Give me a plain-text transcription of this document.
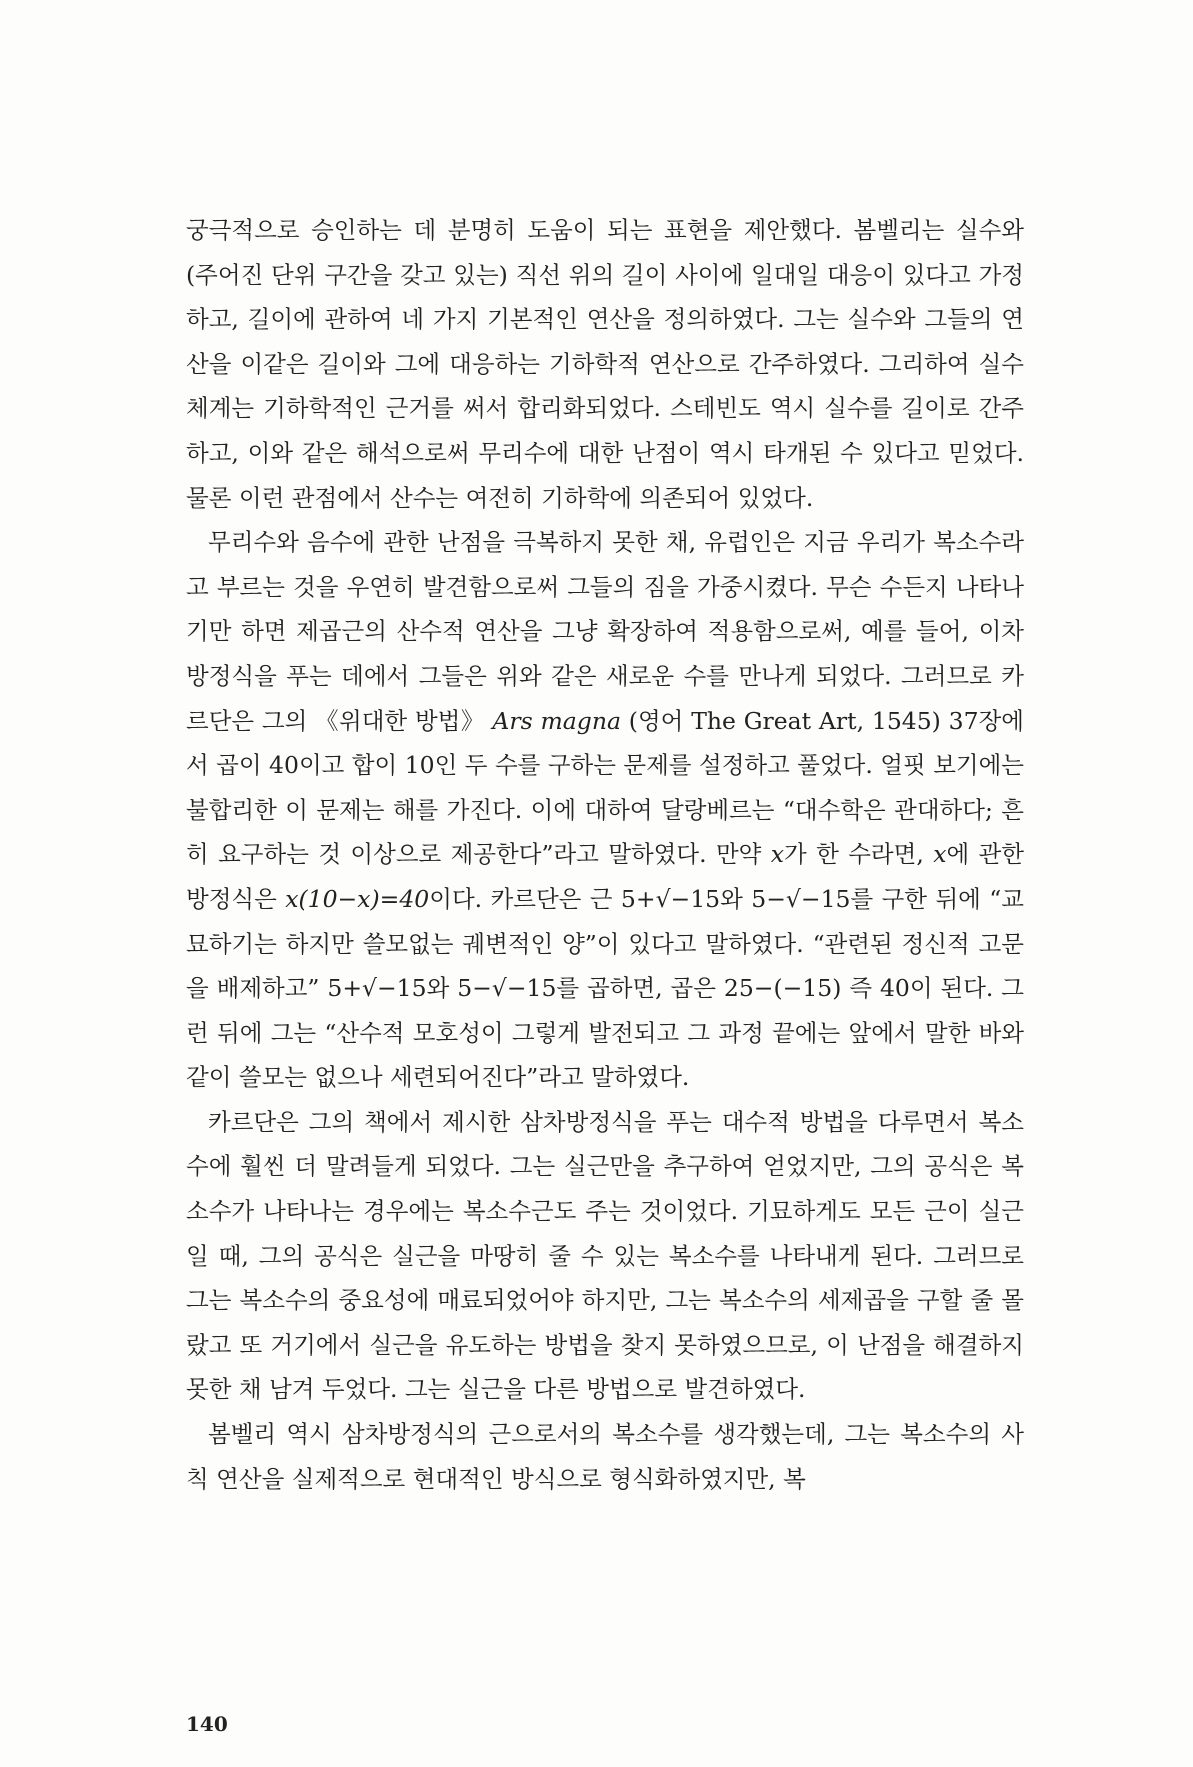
궁극적으로 승인하는 데 분명히 도움이 되는 표현을 제안했다. 봄벨리는 실수와 (주어진 단위 구간을 갖고 있는) 직선 위의 길이 사이에 일대일 대응이 있다고 가정하고, 길이에 관하여 네 가지 기본적인 연산을 정의하였다. 그는 실수와 그들의 연산을 이같은 길이와 그에 대응하는 기하학적 연산으로 간주하였다. 그리하여 실수 체계는 기하학적인 근거를 써서 합리화되었다. 스테빈도 역시 실수를 길이로 간주하고, 이와 같은 해석으로써 무리수에 대한 난점이 역시 타개된 수 있다고 믿었다. 물론 이런 관점에서 산수는 여전히 기하학에 의존되어 있었다.

무리수와 음수에 관한 난점을 극복하지 못한 채, 유럽인은 지금 우리가 복소수라고 부르는 것을 우연히 발견함으로써 그들의 짐을 가중시켰다. 무슨 수든지 나타나기만 하면 제곱근의 산수적 연산을 그냥 확장하여 적용함으로써, 예를 들어, 이차방정식을 푸는 데에서 그들은 위와 같은 새로운 수를 만나게 되었다. 그러므로 카르단은 그의 《위대한 방법》 Ars magna (영어 The Great Art, 1545) 37장에서 곱이 40이고 합이 10인 두 수를 구하는 문제를 설정하고 풀었다. 얼핏 보기에는 불합리한 이 문제는 해를 가진다. 이에 대하여 달랑베르는 “대수학은 관대하다; 흔히 요구하는 것 이상으로 제공한다”라고 말하였다. 만약 x가 한 수라면, x에 관한 방정식은 x(10−x)=40이다. 카르단은 근 5+√−15와 5−√−15를 구한 뒤에 “교묘하기는 하지만 쓸모없는 궤변적인 양”이 있다고 말하였다. “관련된 정신적 고문을 배제하고” 5+√−15와 5−√−15를 곱하면, 곱은 25−(−15) 즉 40이 된다. 그런 뒤에 그는 “산수적 모호성이 그렇게 발전되고 그 과정 끝에는 앞에서 말한 바와 같이 쓸모는 없으나 세련되어진다”라고 말하였다.

카르단은 그의 책에서 제시한 삼차방정식을 푸는 대수적 방법을 다루면서 복소수에 훨씬 더 말려들게 되었다. 그는 실근만을 추구하여 얻었지만, 그의 공식은 복소수가 나타나는 경우에는 복소수근도 주는 것이었다. 기묘하게도 모든 근이 실근일 때, 그의 공식은 실근을 마땅히 줄 수 있는 복소수를 나타내게 된다. 그러므로 그는 복소수의 중요성에 매료되었어야 하지만, 그는 복소수의 세제곱을 구할 줄 몰랐고 또 거기에서 실근을 유도하는 방법을 찾지 못하였으므로, 이 난점을 해결하지 못한 채 남겨 두었다. 그는 실근을 다른 방법으로 발견하였다.

봄벨리 역시 삼차방정식의 근으로서의 복소수를 생각했는데, 그는 복소수의 사칙 연산을 실제적으로 현대적인 방식으로 형식화하였지만, 복

140
